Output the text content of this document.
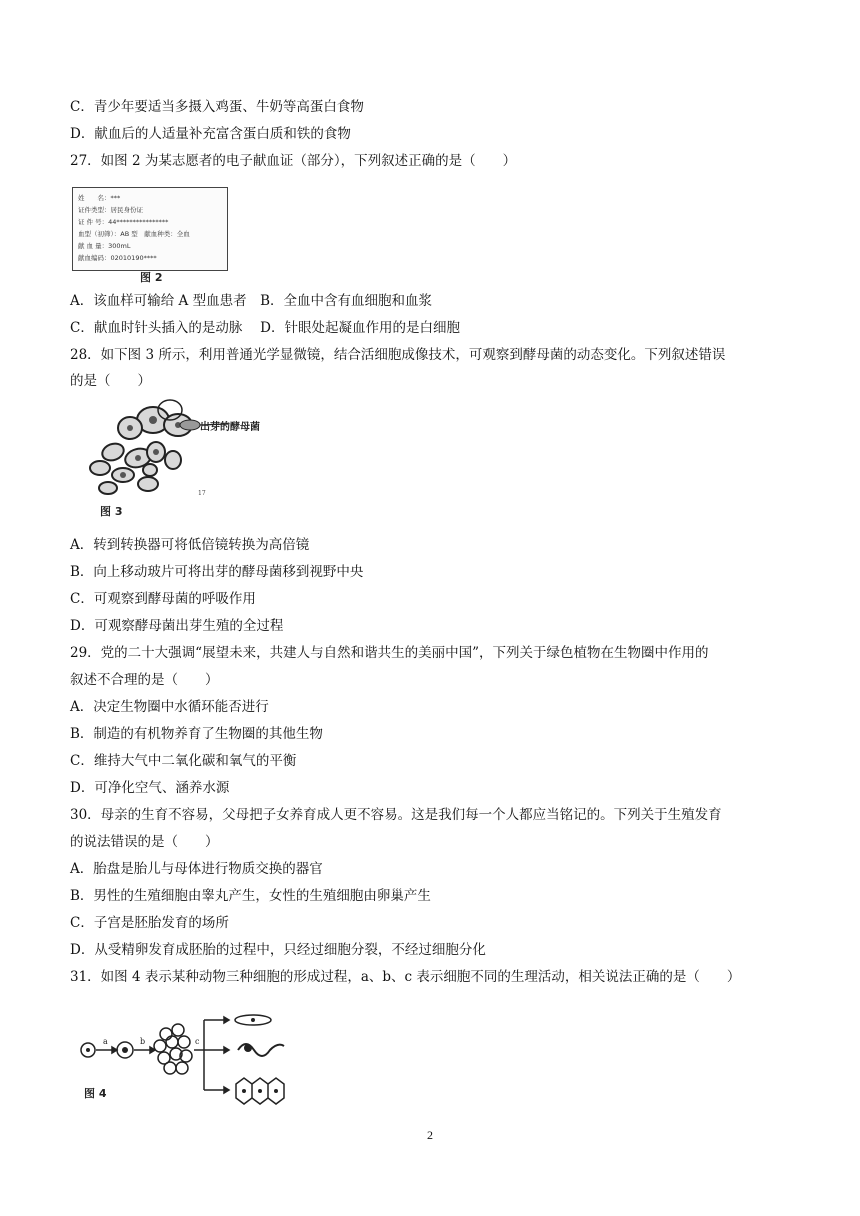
C．青少年要适当多摄入鸡蛋、牛奶等高蛋白食物
D．献血后的人适量补充富含蛋白质和铁的食物
27．如图 2 为某志愿者的电子献血证（部分），下列叙述正确的是（　　）
姓　　名：***
证件类型：居民身份证
证 件 号：44****************
血型（初筛）：AB 型　献血种类：全血
献 血 量：300mL
献血编码：02010190****
图 2
A．该血样可输给 A 型血患者　B．全血中含有血细胞和血浆
C．献血时针头插入的是动脉　 D．针眼处起凝血作用的是白细胞
28．如下图 3 所示，利用普通光学显微镜，结合活细胞成像技术，可观察到酵母菌的动态变化。下列叙述错误
的是（　　）
17
出芽的酵母菌
图 3
A．转到转换器可将低倍镜转换为高倍镜
B．向上移动玻片可将出芽的酵母菌移到视野中央
C．可观察到酵母菌的呼吸作用
D．可观察酵母菌出芽生殖的全过程
29．党的二十大强调“展望未来，共建人与自然和谐共生的美丽中国”，下列关于绿色植物在生物圈中作用的
叙述不合理的是（　　）
A．决定生物圈中水循环能否进行
B．制造的有机物养育了生物圈的其他生物
C．维持大气中二氧化碳和氧气的平衡
D．可净化空气、涵养水源
30．母亲的生育不容易，父母把子女养育成人更不容易。这是我们每一个人都应当铭记的。下列关于生殖发育
的说法错误的是（　　）
A．胎盘是胎儿与母体进行物质交换的器官
B．男性的生殖细胞由睾丸产生，女性的生殖细胞由卵巢产生
C．子宫是胚胎发育的场所
D．从受精卵发育成胚胎的过程中，只经过细胞分裂，不经过细胞分化
31．如图 4 表示某种动物三种细胞的形成过程，a、b、c 表示细胞不同的生理活动，相关说法正确的是（　　）
a	b	c
图 4
2
